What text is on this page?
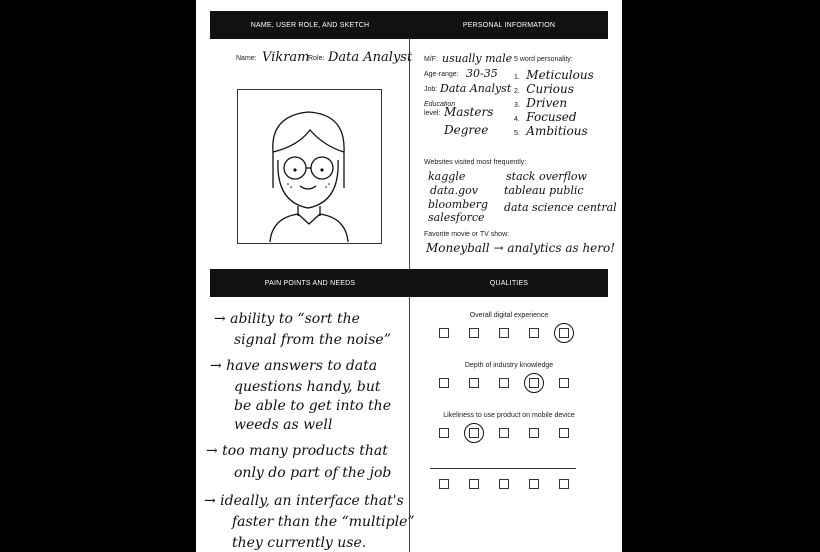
NAME, USER ROLE, AND SKETCH	PERSONAL INFORMATION
PAIN POINTS AND NEEDS	QUALITIES
Name: Vikram
Role: Data Analyst M/F: usually male
Age-range: 30-35
Job: Data Analyst
Education
level: Masters
Degree
5 word personality:
1. Meticulous
2. Curious
3. Driven
4. Focused
5. Ambitious
Websites visited most frequently:
kaggle
data.gov
bloomberg
salesforce
stack overflow
tableau public
data science central
Favorite movie or TV show:
Moneyball → analytics as hero!
→ ability to “sort the
signal from the noise”
→ have answers to data
questions handy, but
be able to get into the
weeds as well
→ too many products that
only do part of the job
→ ideally, an interface that's
faster than the “multiple”
they currently use.
Overall digital experience
Depth of industry knowledge
Likeliness to use product on mobile device
